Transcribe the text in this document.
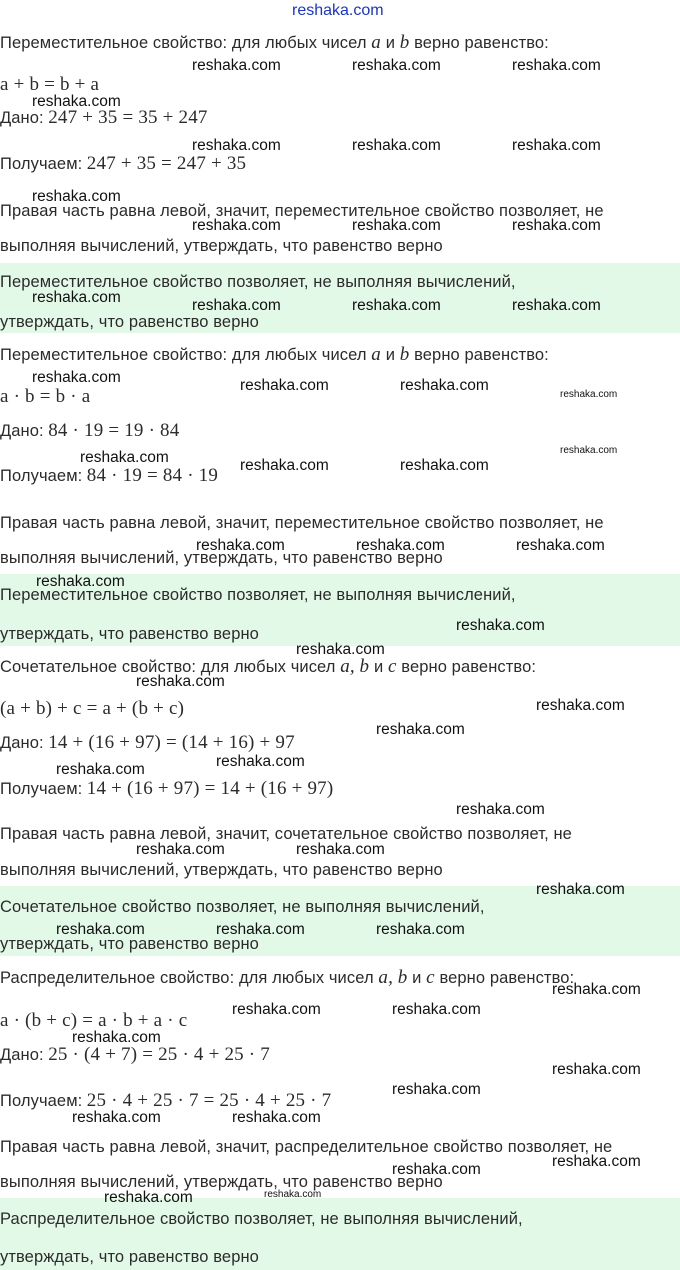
reshaka.com
Переместительное свойство: для любых чисел a и b верно равенство:
a + b = b + a
Дано: 247 + 35 = 35 + 247
Получаем: 247 + 35 = 247 + 35
Правая часть равна левой, значит, переместительное свойство позволяет, не
выполняя вычислений, утверждать, что равенство верно
Переместительное свойство позволяет, не выполняя вычислений,
утверждать, что равенство верно
Переместительное свойство: для любых чисел a и b верно равенство:
a · b = b · a
Дано: 84 · 19 = 19 · 84
Получаем: 84 · 19 = 84 · 19
Правая часть равна левой, значит, переместительное свойство позволяет, не
выполняя вычислений, утверждать, что равенство верно
Переместительное свойство позволяет, не выполняя вычислений,
утверждать, что равенство верно
Сочетательное свойство: для любых чисел a, b и c верно равенство:
(a + b) + c = a + (b + c)
Дано: 14 + (16 + 97) = (14 + 16) + 97
Получаем: 14 + (16 + 97) = 14 + (16 + 97)
Правая часть равна левой, значит, сочетательное свойство позволяет, не
выполняя вычислений, утверждать, что равенство верно
Сочетательное свойство позволяет, не выполняя вычислений,
утверждать, что равенство верно
Распределительное свойство: для любых чисел a, b и c верно равенство:
a · (b + c) = a · b + a · c
Дано: 25 · (4 + 7) = 25 · 4 + 25 · 7
Получаем: 25 · 4 + 25 · 7 = 25 · 4 + 25 · 7
Правая часть равна левой, значит, распределительное свойство позволяет, не
выполняя вычислений, утверждать, что равенство верно
Распределительное свойство позволяет, не выполняя вычислений,
утверждать, что равенство верно
reshaka.com	reshaka.com	reshaka.com
reshaka.com
reshaka.com	reshaka.com	reshaka.com
reshaka.com
reshaka.com	reshaka.com	reshaka.com
reshaka.com	reshaka.com	reshaka.com	reshaka.com
reshaka.com	reshaka.com	reshaka.com
reshaka.com
reshaka.com	reshaka.com
reshaka.com	reshaka.com
reshaka.com	reshaka.com	reshaka.com
reshaka.com
reshaka.com
reshaka.com
reshaka.com
reshaka.com
reshaka.com
reshaka.com
reshaka.com
reshaka.com
reshaka.com	reshaka.com
reshaka.com
reshaka.com	reshaka.com	reshaka.com
reshaka.com
reshaka.com	reshaka.com
reshaka.com
reshaka.com
reshaka.com
reshaka.com	reshaka.com
reshaka.com
reshaka.com
reshaka.com	reshaka.com
